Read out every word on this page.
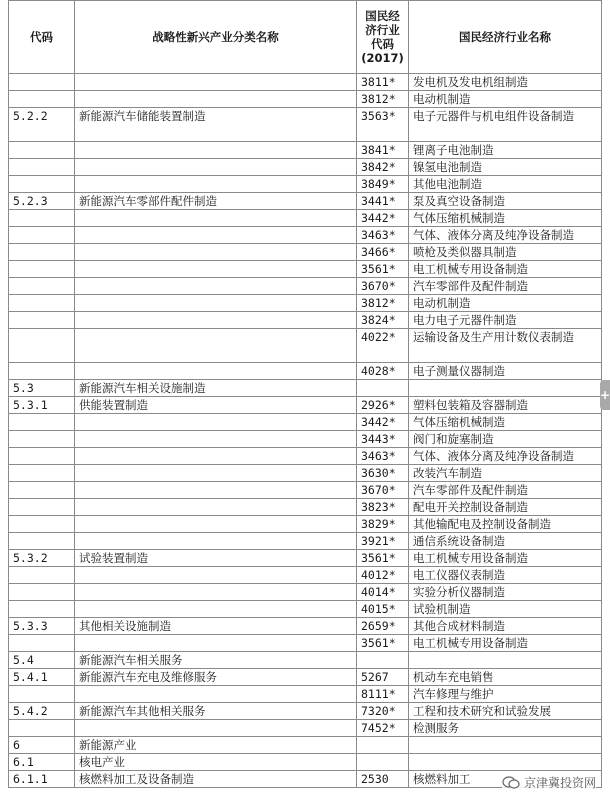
代码	战略性新兴产业分类名称	国民经济行业代码(2017)	国民经济行业名称
		3811*	发电机及发电机组制造
		3812*	电动机制造
5.2.2	新能源汽车储能装置制造	3563*	电子元器件与机电组件设备制造
		3841*	锂离子电池制造
		3842*	镍氢电池制造
		3849*	其他电池制造
5.2.3	新能源汽车零部件配件制造	3441*	泵及真空设备制造
		3442*	气体压缩机械制造
		3463*	气体、液体分离及纯净设备制造
		3466*	喷枪及类似器具制造
		3561*	电工机械专用设备制造
		3670*	汽车零部件及配件制造
		3812*	电动机制造
		3824*	电力电子元器件制造
		4022*	运输设备及生产用计数仪表制造
		4028*	电子测量仪器制造
5.3	新能源汽车相关设施制造		
5.3.1	供能装置制造	2926*	塑料包装箱及容器制造
		3442*	气体压缩机械制造
		3443*	阀门和旋塞制造
		3463*	气体、液体分离及纯净设备制造
		3630*	改装汽车制造
		3670*	汽车零部件及配件制造
		3823*	配电开关控制设备制造
		3829*	其他输配电及控制设备制造
		3921*	通信系统设备制造
5.3.2	试验装置制造	3561*	电工机械专用设备制造
		4012*	电工仪器仪表制造
		4014*	实验分析仪器制造
		4015*	试验机制造
5.3.3	其他相关设施制造	2659*	其他合成材料制造
		3561*	电工机械专用设备制造
5.4	新能源汽车相关服务		
5.4.1	新能源汽车充电及维修服务	5267	机动车充电销售
		8111*	汽车修理与维护
5.4.2	新能源汽车其他相关服务	7320*	工程和技术研究和试验发展
		7452*	检测服务
6	新能源产业		
6.1	核电产业		
6.1.1	核燃料加工及设备制造	2530	核燃料加工
+
京津冀投资网
